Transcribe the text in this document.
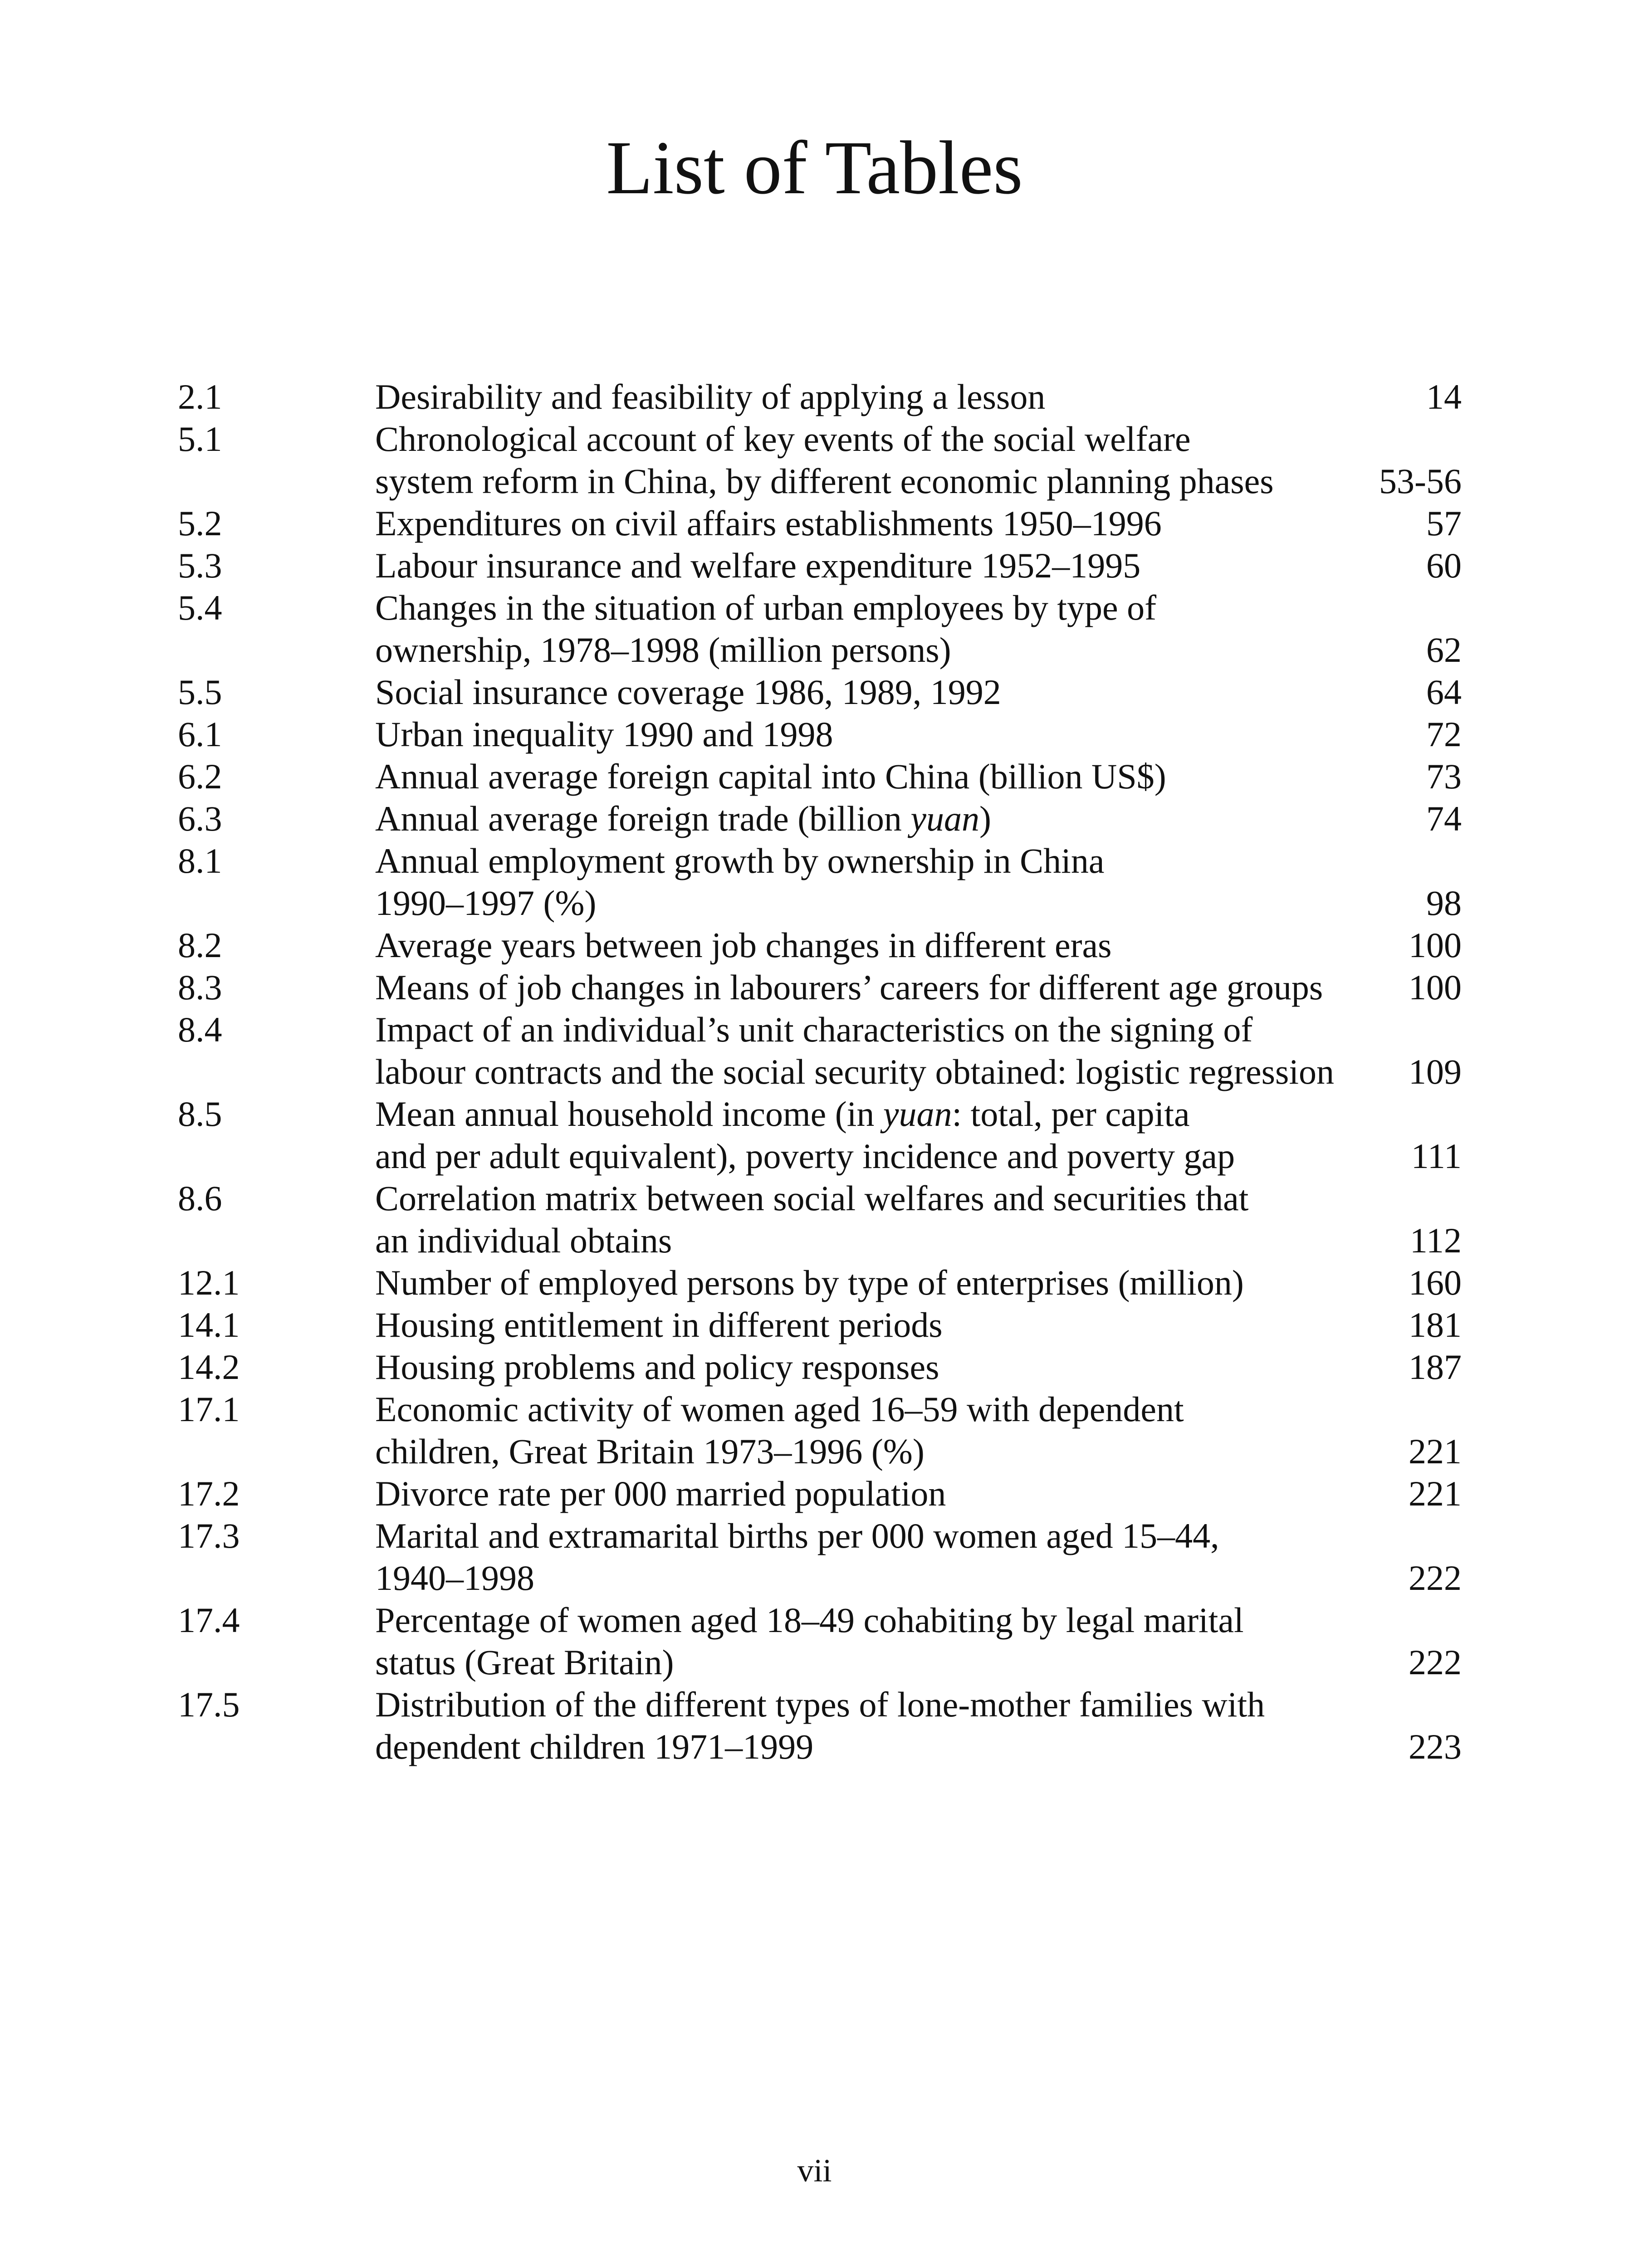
List of Tables
2.1	Desirability and feasibility of applying a lesson	14
5.1	Chronological account of key events of the social welfare
system reform in China, by different economic planning phases	53-56
5.2	Expenditures on civil affairs establishments 1950–1996	57
5.3	Labour insurance and welfare expenditure 1952–1995	60
5.4	Changes in the situation of urban employees by type of
ownership, 1978–1998 (million persons)	62
5.5	Social insurance coverage 1986, 1989, 1992	64
6.1	Urban inequality 1990 and 1998	72
6.2	Annual average foreign capital into China (billion US$)	73
6.3	Annual average foreign trade (billion yuan)	74
8.1	Annual employment growth by ownership in China
1990–1997 (%)	98
8.2	Average years between job changes in different eras	100
8.3	Means of job changes in labourers’ careers for different age groups	100
8.4	Impact of an individual’s unit characteristics on the signing of
labour contracts and the social security obtained: logistic regression	109
8.5	Mean annual household income (in yuan: total, per capita
and per adult equivalent), poverty incidence and poverty gap	111
8.6	Correlation matrix between social welfares and securities that
an individual obtains	112
12.1	Number of employed persons by type of enterprises (million)	160
14.1	Housing entitlement in different periods	181
14.2	Housing problems and policy responses	187
17.1	Economic activity of women aged 16–59 with dependent
children, Great Britain 1973–1996 (%)	221
17.2	Divorce rate per 000 married population	221
17.3	Marital and extramarital births per 000 women aged 15–44,
1940–1998	222
17.4	Percentage of women aged 18–49 cohabiting by legal marital
status (Great Britain)	222
17.5	Distribution of the different types of lone-mother families with
dependent children 1971–1999	223
vii
